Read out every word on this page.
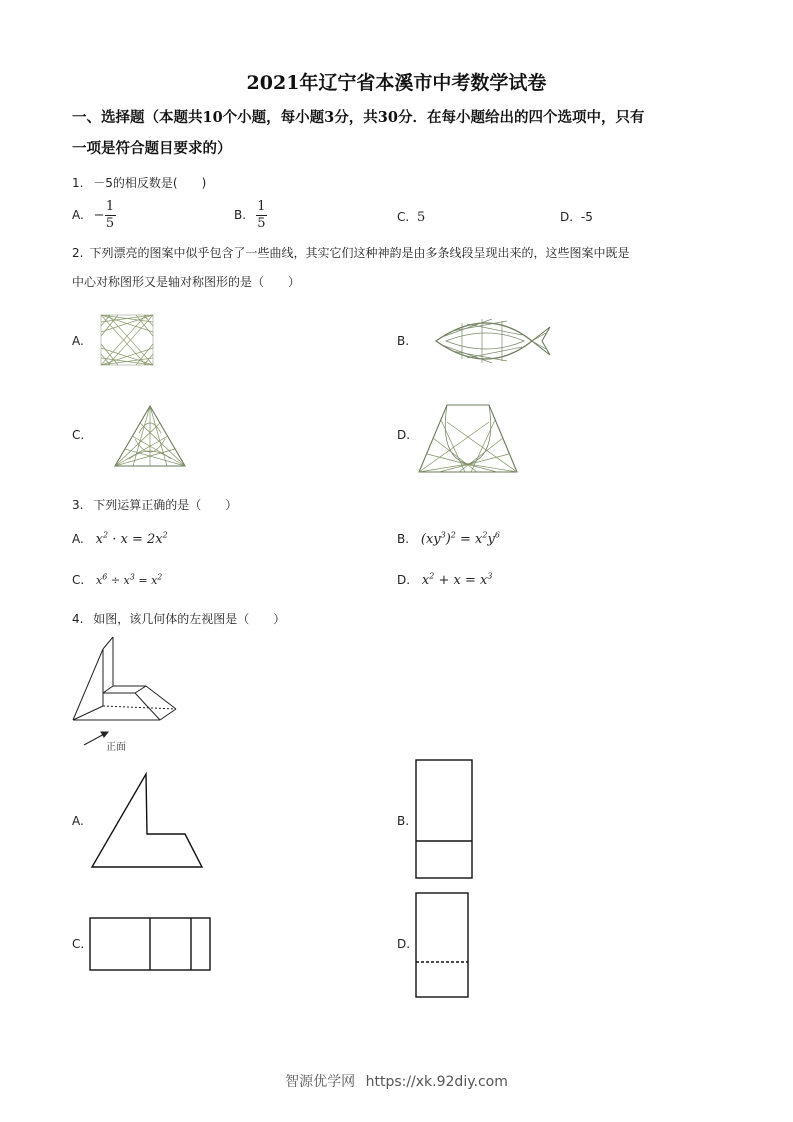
2021年辽宁省本溪市中考数学试卷
一、选择题（本题共10个小题，每小题3分，共30分．在每小题给出的四个选项中，只有
一项是符合题目要求的）
1. －5的相反数是(　　)
A. − $\frac{1}{5}$	B. $\frac{1}{5}$	C. 5	D. -5
2. 下列漂亮的图案中似乎包含了一些曲线，其实它们这种神韵是由多条线段呈现出来的，这些图案中既是
中心对称图形又是轴对称图形的是（　　）
A.	B.
C.	D.
3. 下列运算正确的是（　　）
A. $x^2 \cdot x = 2x^2$	B. $(xy^3)^2 = x^2y^6$
C. $x^6 \div x^3 = x^2$	D. $x^2 + x = x^3$
4. 如图，该几何体的左视图是（　　）
正面
A.	B.
C.	D.
智源优学网 https://xk.92diy.com
